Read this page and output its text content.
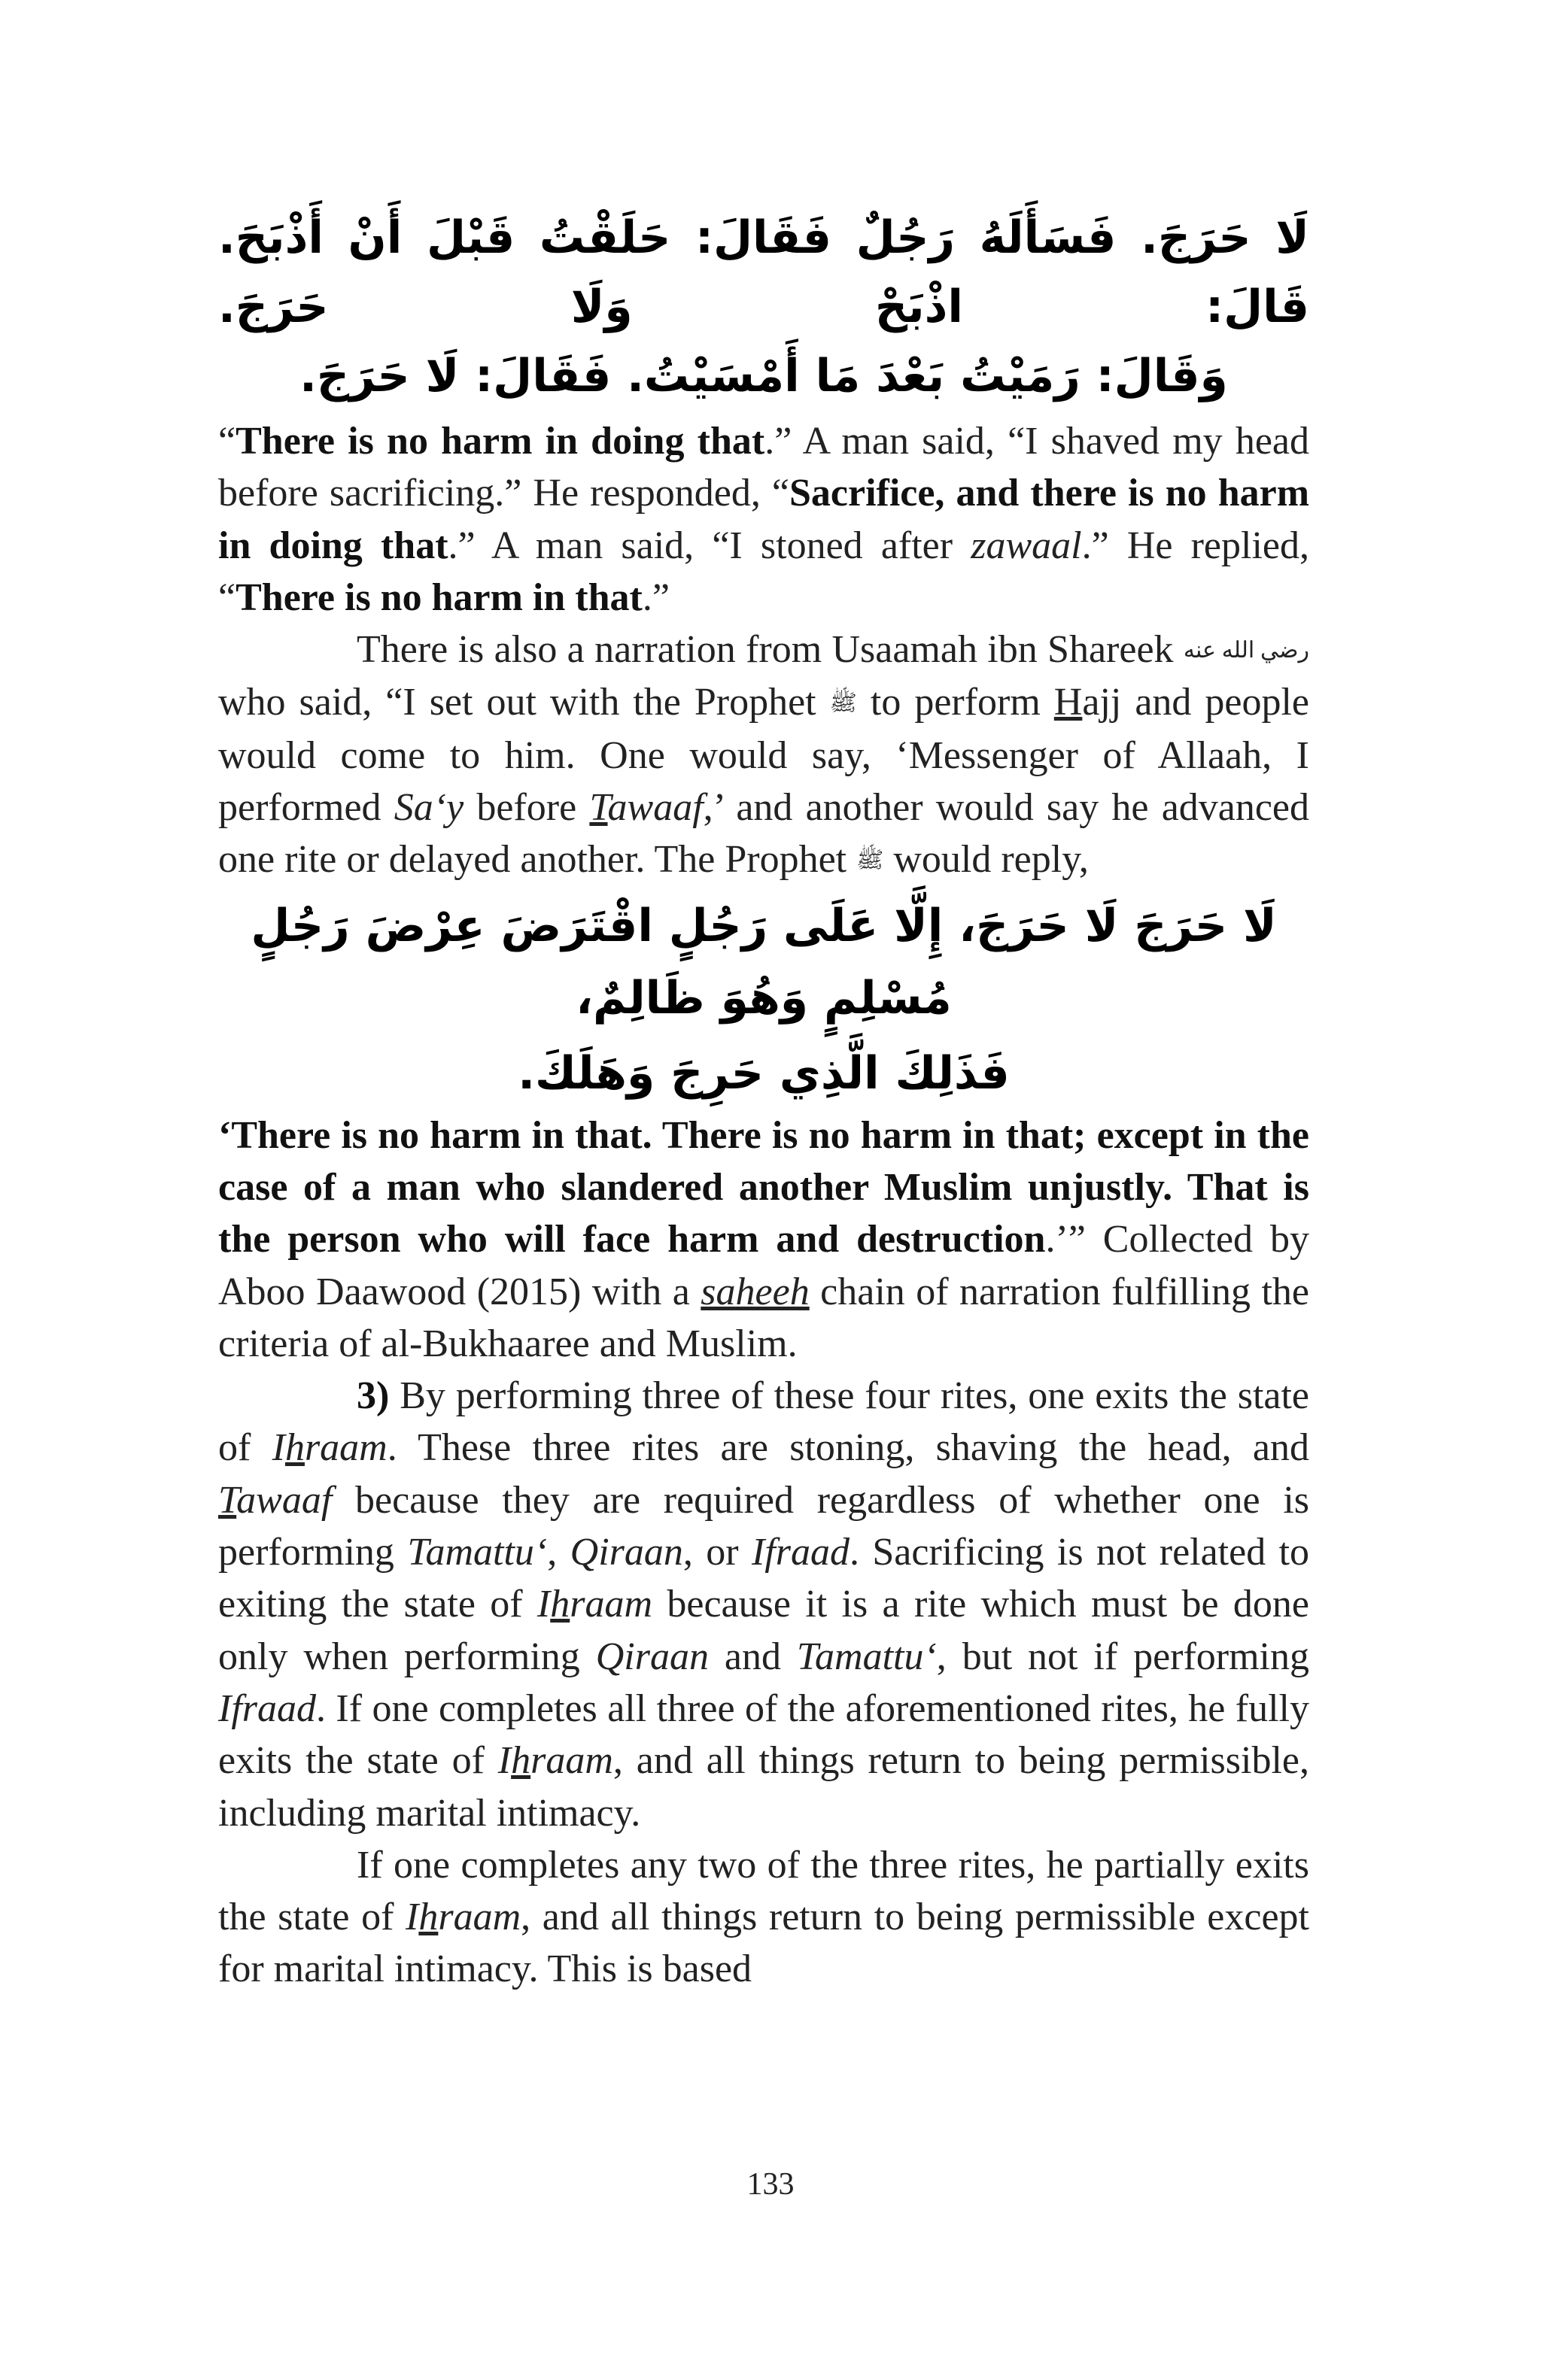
لَا حَرَجَ. فَسَأَلَهُ رَجُلٌ فَقَالَ: حَلَقْتُ قَبْلَ أَنْ أَذْبَحَ. قَالَ: اذْبَحْ وَلَا حَرَجَ.

وَقَالَ: رَمَيْتُ بَعْدَ مَا أَمْسَيْتُ. فَقَالَ: لَا حَرَجَ.

“There is no harm in doing that.” A man said, “I shaved my head before sacrificing.” He responded, “Sacrifice, and there is no harm in doing that.” A man said, “I stoned after zawaal.” He replied, “There is no harm in that.”

There is also a narration from Usaamah ibn Shareek رضي الله عنه who said, “I set out with the Prophet ﷺ to perform Hajj and people would come to him. One would say, ‘Messenger of Allaah, I performed Sa‘y before Tawaaf,’ and another would say he advanced one rite or delayed another. The Prophet ﷺ would reply,

لَا حَرَجَ لَا حَرَجَ، إِلَّا عَلَى رَجُلٍ اقْتَرَضَ عِرْضَ رَجُلٍ مُسْلِمٍ وَهُوَ ظَالِمٌ،

فَذَلِكَ الَّذِي حَرِجَ وَهَلَكَ.

‘There is no harm in that. There is no harm in that; except in the case of a man who slandered another Muslim unjustly. That is the person who will face harm and destruction.’” Collected by Aboo Daawood (2015) with a saheeh chain of narration fulfilling the criteria of al-Bukhaaree and Muslim.

3) By performing three of these four rites, one exits the state of Ihraam. These three rites are stoning, shaving the head, and Tawaaf because they are required regardless of whether one is performing Tamattu‘, Qiraan, or Ifraad. Sacrificing is not related to exiting the state of Ihraam because it is a rite which must be done only when performing Qiraan and Tamattu‘, but not if performing Ifraad. If one completes all three of the aforementioned rites, he fully exits the state of Ihraam, and all things return to being permissible, including marital intimacy.

If one completes any two of the three rites, he partially exits the state of Ihraam, and all things return to being permissible except for marital intimacy. This is based

133
